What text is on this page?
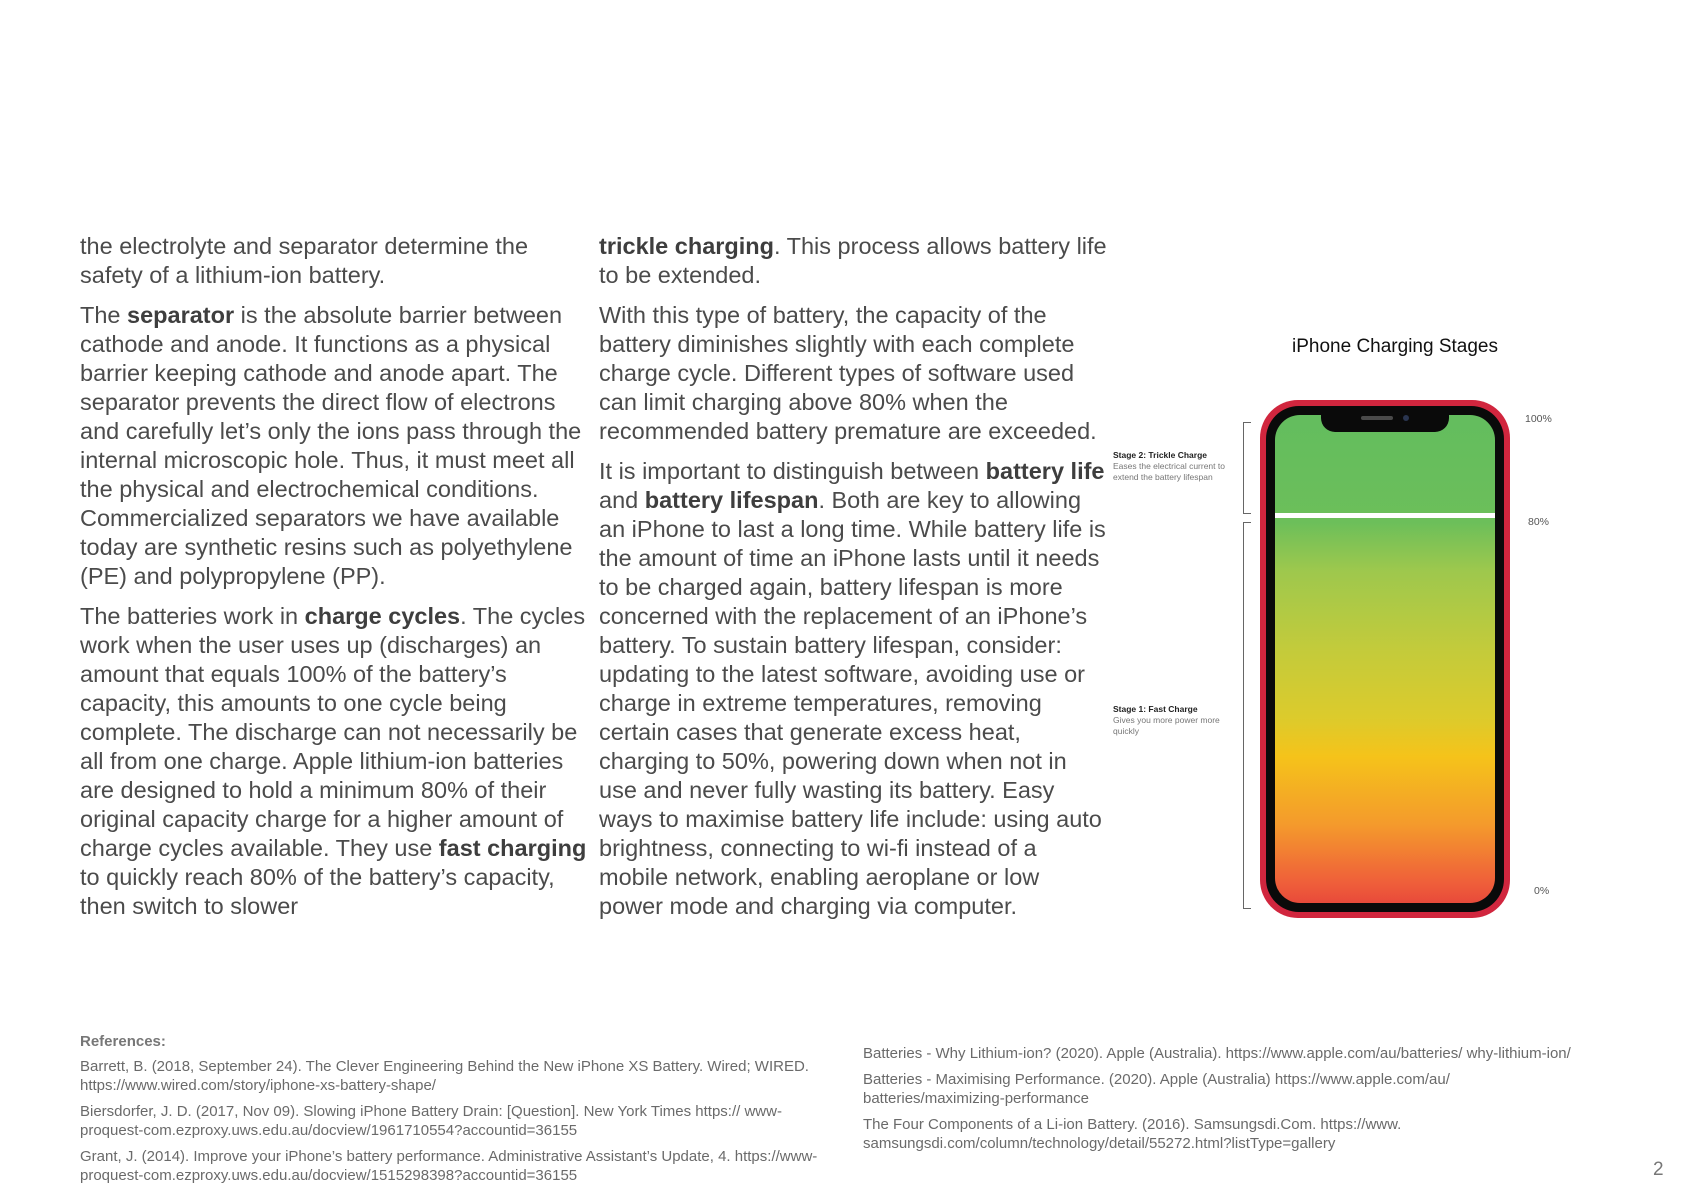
the electrolyte and separator determine the safety of a lithium-ion battery.

The separator is the absolute barrier between cathode and anode. It functions as a physical barrier keeping cathode and anode apart. The separator prevents the direct flow of electrons and carefully let’s only the ions pass through the internal microscopic hole. Thus, it must meet all the physical and electrochemical conditions. Commercialized separators we have available today are synthetic resins such as polyethylene (PE) and polypropylene (PP).

The batteries work in charge cycles. The cycles work when the user uses up (discharges) an amount that equals 100% of the battery’s capacity, this amounts to one cycle being complete. The discharge can not necessarily be all from one charge. Apple lithium-ion batteries are designed to hold a minimum 80% of their original capacity charge for a higher amount of charge cycles available. They use fast charging to quickly reach 80% of the battery’s capacity, then switch to slower

trickle charging. This process allows battery life to be extended.

With this type of battery, the capacity of the battery diminishes slightly with each complete charge cycle. Different types of software used can limit charging above 80% when the recommended battery premature are exceeded.

It is important to distinguish between battery life and battery lifespan. Both are key to allowing an iPhone to last a long time. While battery life is the amount of time an iPhone lasts until it needs to be charged again, battery lifespan is more concerned with the replacement of an iPhone’s battery. To sustain battery lifespan, consider: updating to the latest software, avoiding use or charge in extreme temperatures, removing certain cases that generate excess heat, charging to 50%, powering down when not in use and never fully wasting its battery. Easy ways to maximise battery life include: using auto brightness, connecting to wi-fi instead of a mobile network, enabling aeroplane or low power mode and charging via computer.

iPhone Charging Stages
Stage 2: Trickle Charge
Eases the electrical current to extend the battery lifespan
Stage 1: Fast Charge
Gives you more power more quickly
100%
80%
0%
References:

Barrett, B. (2018, September 24). The Clever Engineering Behind the New iPhone XS Battery. Wired; WIRED. https://www.wired.com/story/iphone-xs-battery-shape/

Biersdorfer, J. D. (2017, Nov 09). Slowing iPhone Battery Drain: [Question]. New York Times https:// www-proquest-com.ezproxy.uws.edu.au/docview/1961710554?accountid=36155

Grant, J. (2014). Improve your iPhone’s battery performance. Administrative Assistant’s Update, 4. https://www-proquest-com.ezproxy.uws.edu.au/docview/1515298398?accountid=36155

Batteries - Why Lithium-ion? (2020). Apple (Australia). https://www.apple.com/au/batteries/ why-lithium-ion/

Batteries - Maximising Performance. (2020). Apple (Australia) https://www.apple.com/au/ batteries/maximizing-performance

The Four Components of a Li-ion Battery. (2016). Samsungsdi.Com. https://www. samsungsdi.com/column/technology/detail/55272.html?listType=gallery

2
